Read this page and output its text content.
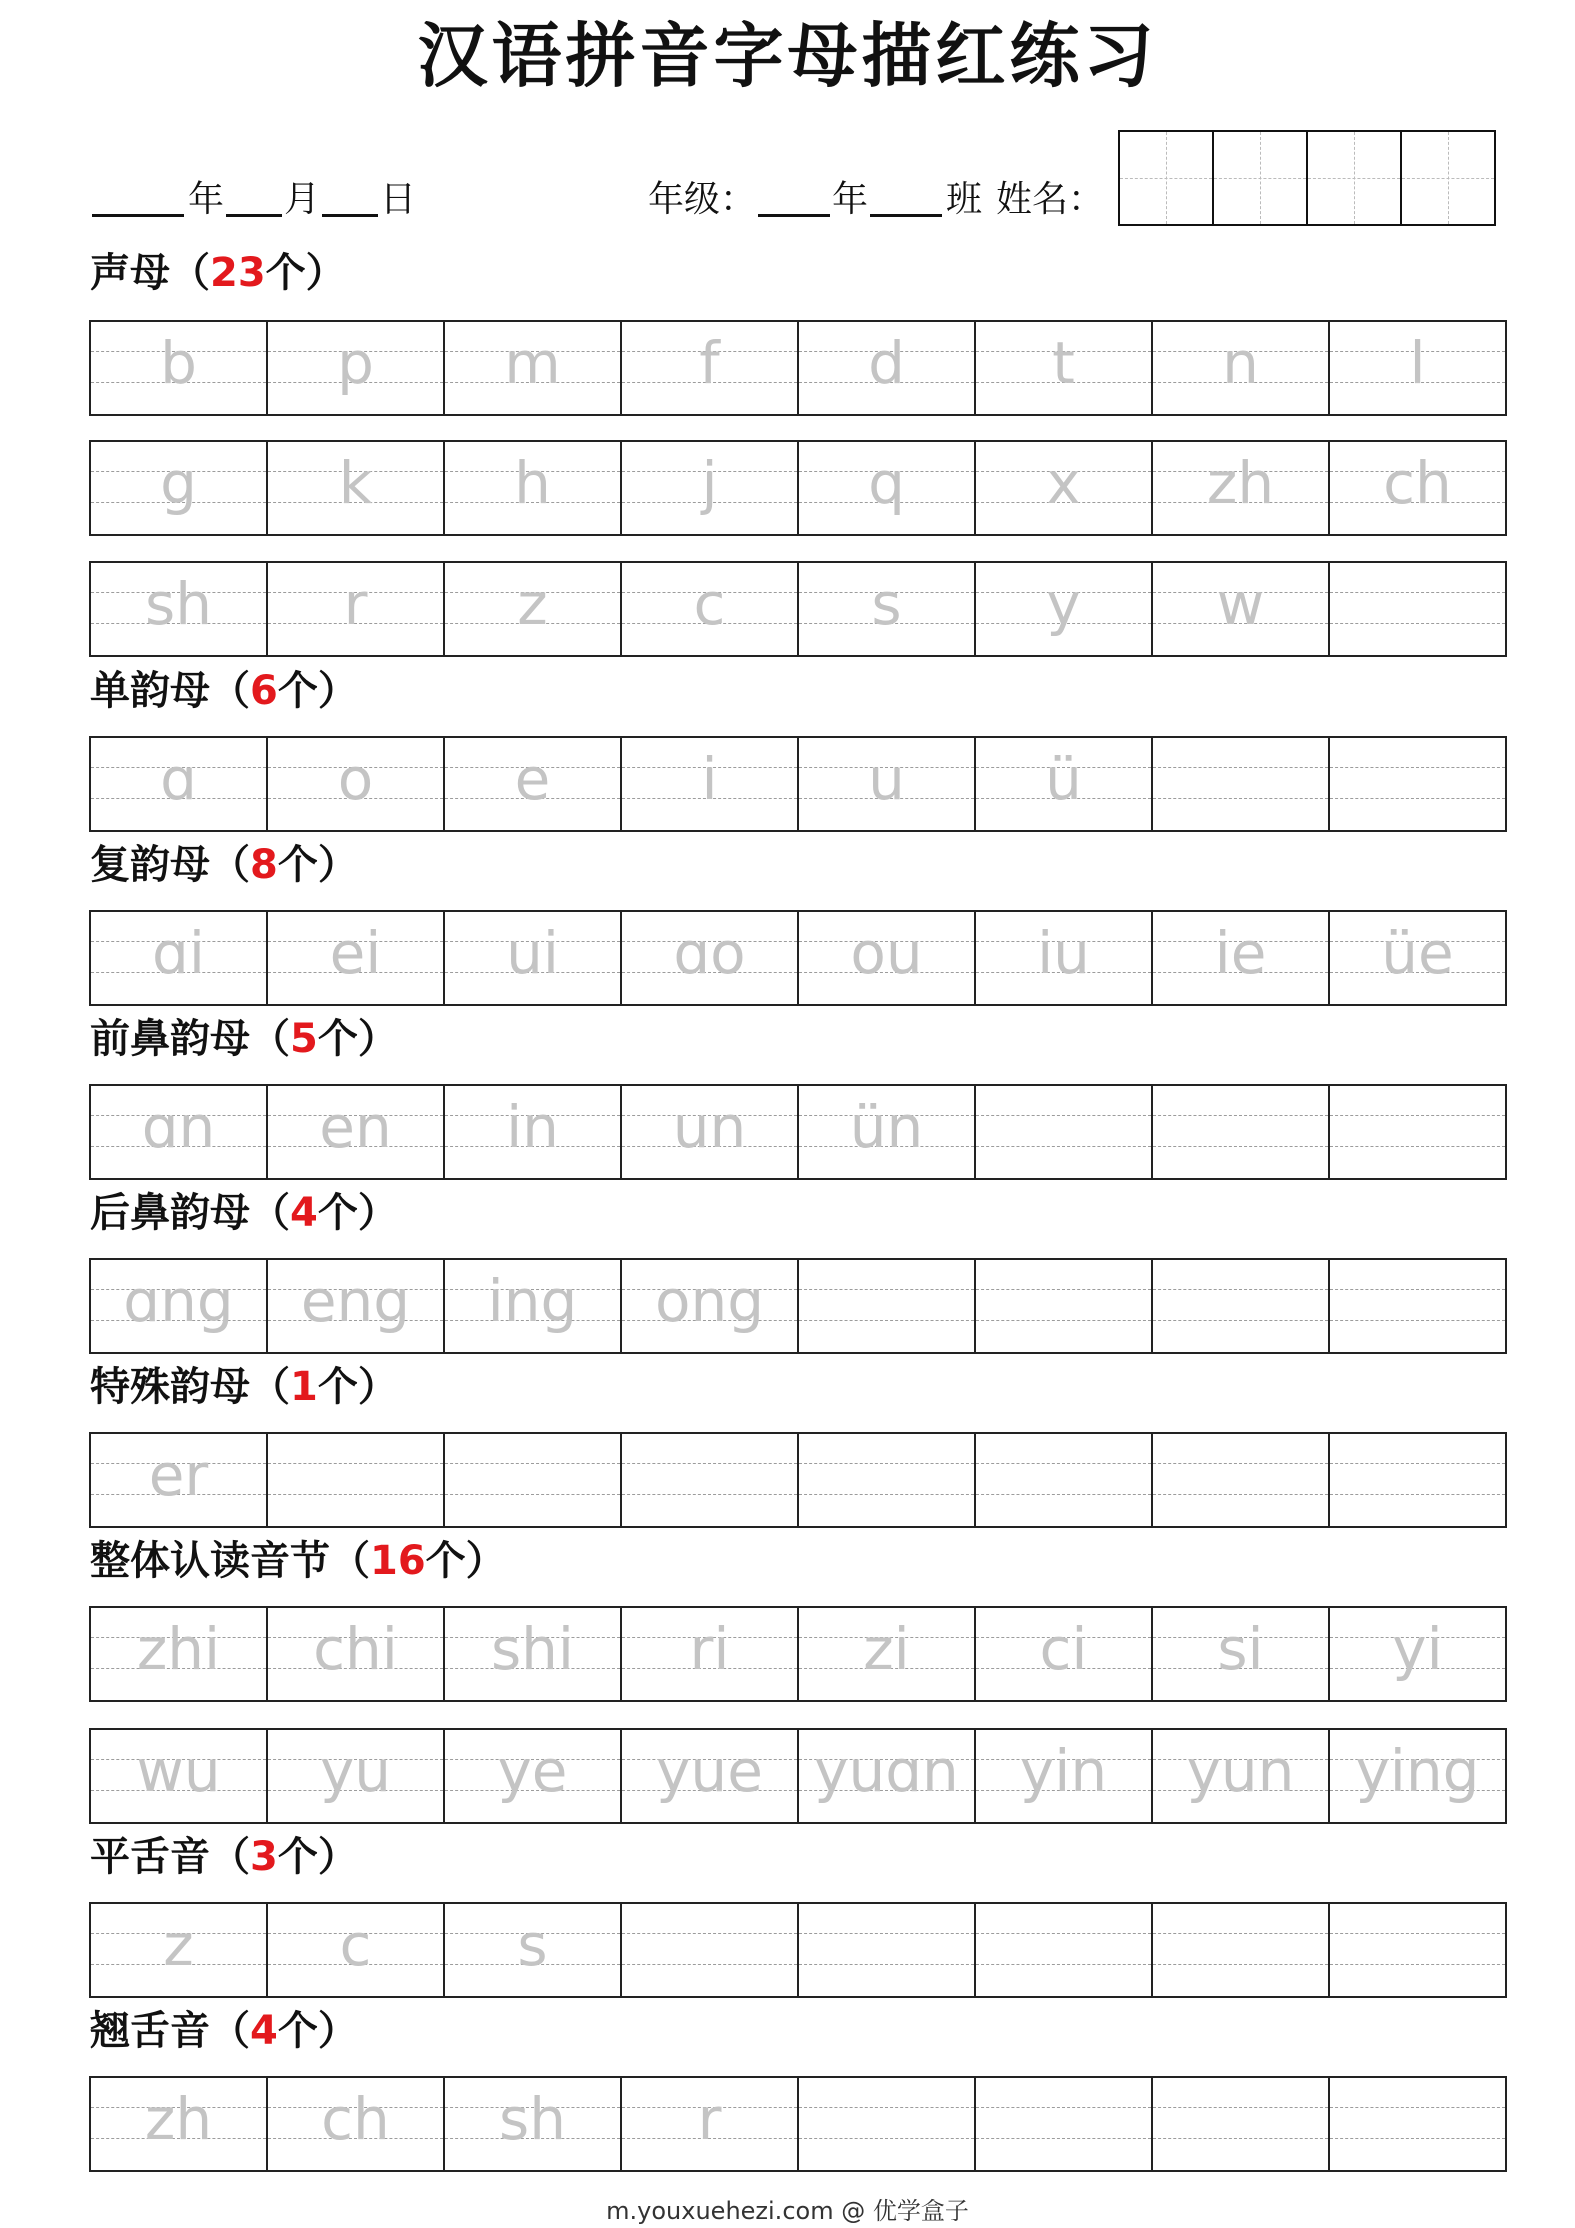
汉语拼音字母描红练习
年 月 日	年级： 年 班 姓名：
声母（23个）
b	p	m	f	d	t	n	l
g	k	h	j	q	x	zh	ch
sh	r	z	c	s	y	w
单韵母（6个）
ɑ	o	e	i	u	ü
复韵母（8个）
ɑi	ei	ui	ɑo	ou	iu	ie	üe
前鼻韵母（5个）
ɑn	en	in	un	ün
后鼻韵母（4个）
ɑng	eng	ing	ong
特殊韵母（1个）
er
整体认读音节（16个）
zhi	chi	shi	ri	zi	ci	si	yi
wu	yu	ye	yue yuɑn	yin	yun	ying
平舌音（3个）
z	c	s
翘舌音（4个）
zh	ch	sh	r
m.youxuehezi.com @ 优学盒子
